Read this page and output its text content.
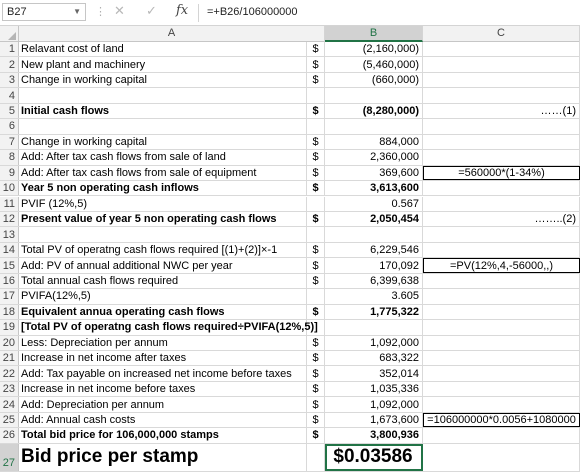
B27	▼ ⋮ ✕ ✓ fx	=+B26/106000000
A	B	C
1 Relavant cost of land	$	(2,160,000)
2 New plant and machinery	$	(5,460,000)
3 Change in working capital	$	(660,000)
4
5 Initial cash flows	$	(8,280,000)	……(1)
6
7 Change in working capital	$	884,000
8 Add: After tax cash flows from sale of land	$	2,360,000
9 Add: After tax cash flows from sale of equipment	$	369,600	=560000*(1-34%)
10 Year 5 non operating cash inflows	$	3,613,600
11 PVIF (12%,5)	0.567
12 Present value of year 5 non operating cash flows	$	2,050,454	……..(2)
13
14 Total PV of operatng cash flows required [(1)+(2)]×-1	$	6,229,546
15 Add: PV of annual additional NWC per year	$	170,092	=PV(12%,4,-56000,,)
16 Total annual cash flows required	$	6,399,638
17 PVIFA(12%,5)	3.605
18 Equivalent annua operating cash flows	$	1,775,322
19 [Total PV of operatng cash flows required÷PVIFA(12%,5)]
20 Less: Depreciation per annum	$	1,092,000
21 Increase in net income after taxes	$	683,322
22 Add: Tax payable on increased net income before taxes	$	352,014
23 Increase in net income before taxes	$	1,035,336
24 Add: Depreciation per annum	$	1,092,000
25 Add: Annual cash costs	$	1,673,600 =106000000*0.0056+1080000
26 Total bid price for 106,000,000 stamps	$	3,800,936
27 Bid price per stamp	$0.03586
